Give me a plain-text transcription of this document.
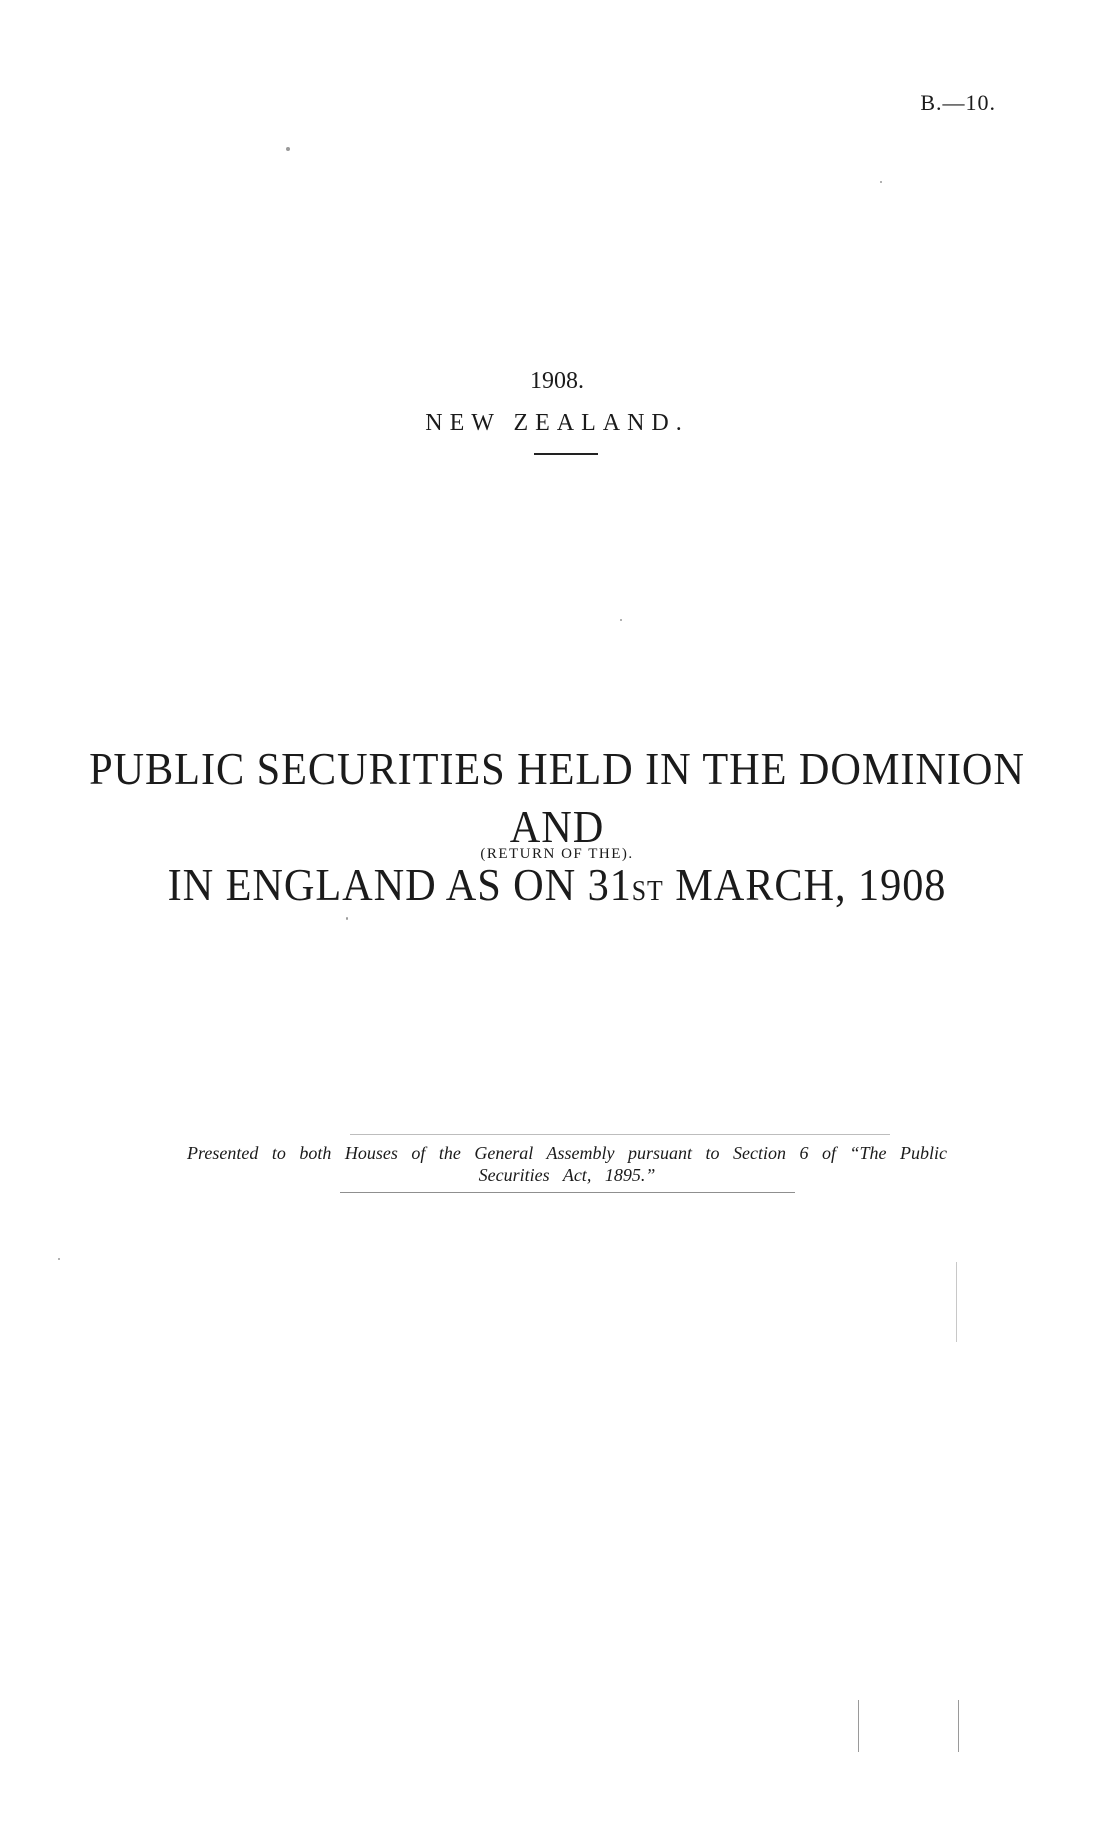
B.—10.
1908.
NEW ZEALAND.
PUBLIC SECURITIES HELD IN THE DOMINION AND
IN ENGLAND AS ON 31ST MARCH, 1908
(RETURN OF THE).
Presented to both Houses of the General Assembly pursuant to Section 6 of “The Public
Securities Act, 1895.”
